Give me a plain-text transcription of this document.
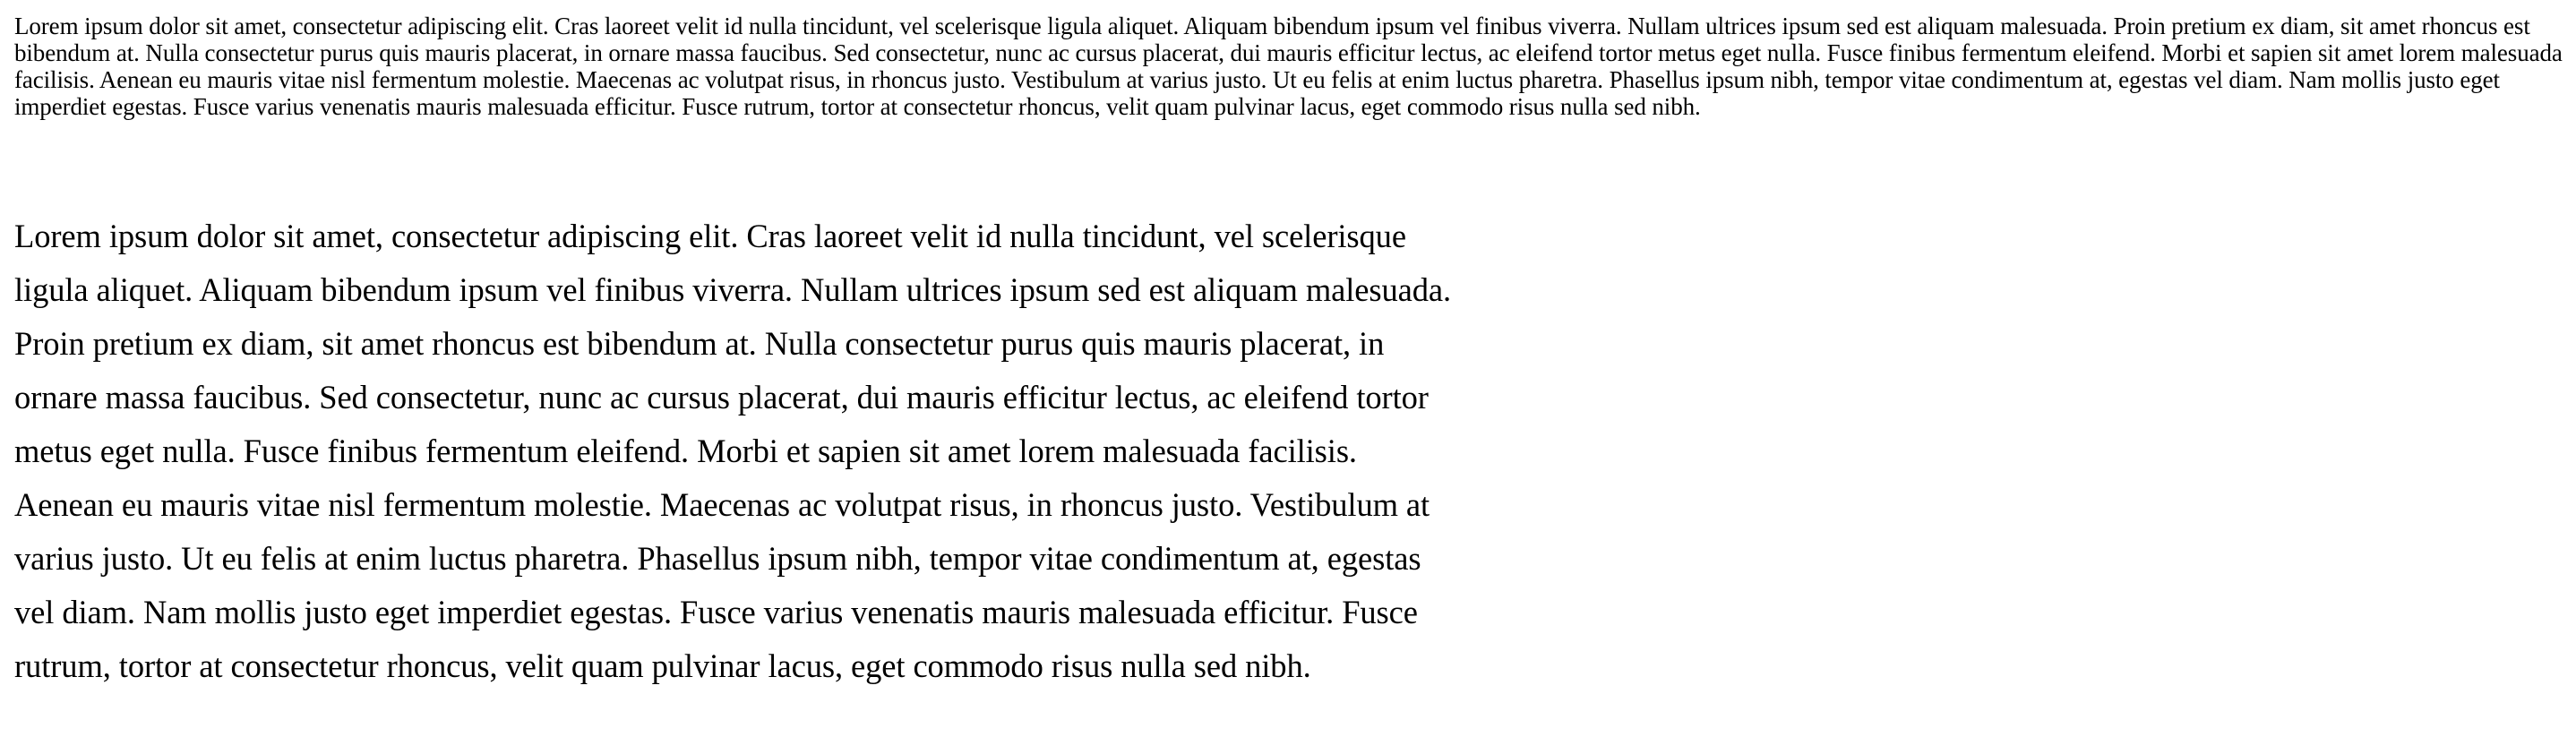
Lorem ipsum dolor sit amet, consectetur adipiscing elit. Cras laoreet velit id nulla tincidunt, vel scelerisque ligula aliquet. Aliquam bibendum ipsum vel finibus viverra. Nullam ultrices ipsum sed est aliquam malesuada. Proin pretium ex diam, sit amet rhoncus est bibendum at. Nulla consectetur purus quis mauris placerat, in ornare massa faucibus. Sed consectetur, nunc ac cursus placerat, dui mauris efficitur lectus, ac eleifend tortor metus eget nulla. Fusce finibus fermentum eleifend. Morbi et sapien sit amet lorem malesuada facilisis. Aenean eu mauris vitae nisl fermentum molestie. Maecenas ac volutpat risus, in rhoncus justo. Vestibulum at varius justo. Ut eu felis at enim luctus pharetra. Phasellus ipsum nibh, tempor vitae condimentum at, egestas vel diam. Nam mollis justo eget imperdiet egestas. Fusce varius venenatis mauris malesuada efficitur. Fusce rutrum, tortor at consectetur rhoncus, velit quam pulvinar lacus, eget commodo risus nulla sed nibh.

Lorem ipsum dolor sit amet, consectetur adipiscing elit. Cras laoreet velit id nulla tincidunt, vel scelerisque ligula aliquet. Aliquam bibendum ipsum vel finibus viverra. Nullam ultrices ipsum sed est aliquam malesuada. Proin pretium ex diam, sit amet rhoncus est bibendum at. Nulla consectetur purus quis mauris placerat, in ornare massa faucibus. Sed consectetur, nunc ac cursus placerat, dui mauris efficitur lectus, ac eleifend tortor metus eget nulla. Fusce finibus fermentum eleifend. Morbi et sapien sit amet lorem malesuada facilisis. Aenean eu mauris vitae nisl fermentum molestie. Maecenas ac volutpat risus, in rhoncus justo. Vestibulum at varius justo. Ut eu felis at enim luctus pharetra. Phasellus ipsum nibh, tempor vitae condimentum at, egestas vel diam. Nam mollis justo eget imperdiet egestas. Fusce varius venenatis mauris malesuada efficitur. Fusce rutrum, tortor at consectetur rhoncus, velit quam pulvinar lacus, eget commodo risus nulla sed nibh.
